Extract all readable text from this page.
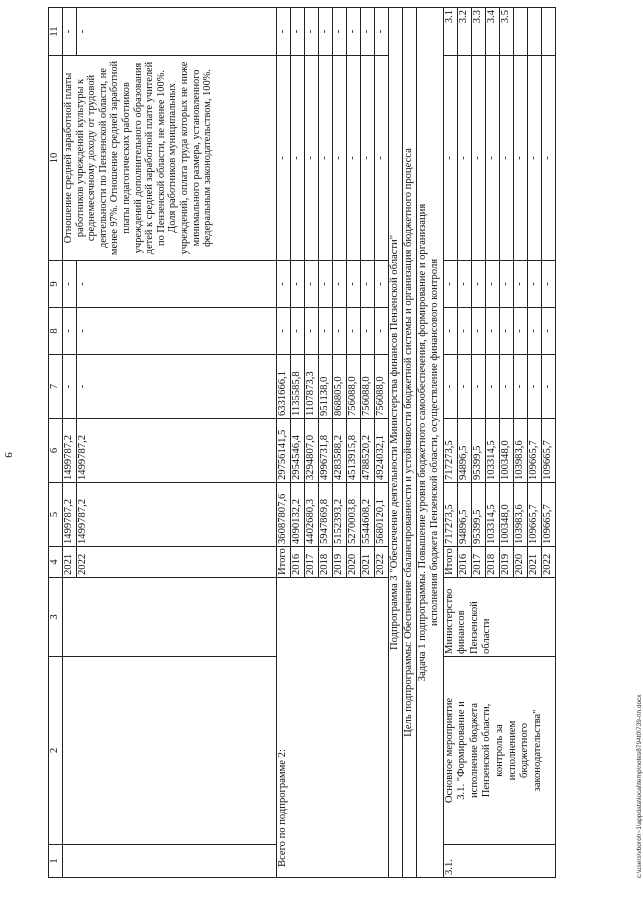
9
1	2	3	4	5	6	7	8	9	10	11
			2021	1499787,2	1499787,2	-	-	-	Отношение средней заработной платы работников учреждений культуры к среднемесячному доходу от трудовой деятельности по Пензенской области, не менее 97%. Отношение средней заработной платы педагогических работников учреждений дополнительного образования детей к средней заработной плате учителей по Пензенской области, не менее 100%. Доля работников муниципальных учреждений, оплата труда которых не ниже минимального размера, установленного федеральным законодательством, 100%.	-
			2022	1499787,2	1499787,2	-	-	-		-
Всего по подпрограмме 2:			Итого	36087807,6	29756141,5	6331666,1	-	-	-	-
			2016	4090132,2	2954546,4	1135585,8	-	-	-	-
			2017	4402680,3	3294807,0	1107873,3	-	-	-	-
			2018	5947869,8	4996731,8	951138,0	-	-	-	-
			2019	5152393,2	4283588,2	868805,0	-	-	-	-
			2020	5270003,8	4513915,8	756088,0	-	-	-	-
			2021	5544608,2	4788520,2	756088,0	-	-	-	-
			2022	5680120,1	4924032,1	756088,0	-	-	-	-
Подпрограмма 3 "Обеспечение деятельности Министерства финансов Пензенской области"										
Цель подпрограммы: Обеспечение сбалансированности и устойчивости бюджетной системы и организация бюджетного процесса										
Задача 1 подпрограммы. Повышение уровня бюджетного самообеспечения, формирование и организация исполнения бюджета Пензенской области, осуществление финансового контроля										
3.1.	Основное мероприятие 3.1. "Формирование и исполнение бюджета Пензенской области, контроль за исполнением бюджетного законодательства"	Министерство финансов Пензенской области	Итого	717273,5	717273,5	-	-	-	-	3.1
			2016	94896,5	94896,5	-	-	-	-	3.2
			2017	95399,5	95399,5	-	-	-	-	3.3
			2018	103314,5	103314,5	-	-	-	-	3.4
			2019	100348,0	100348,0	-	-	-	-	3.5
			2020	103983,6	103983,6	-	-	-	-	
			2021	109665,7	109665,7	-	-	-	-	
			2022	109665,7	109665,7	-	-	-	-	
c:\users\vboroh~1\appdata\local\temp\notes8794t0\739-пп.docx
